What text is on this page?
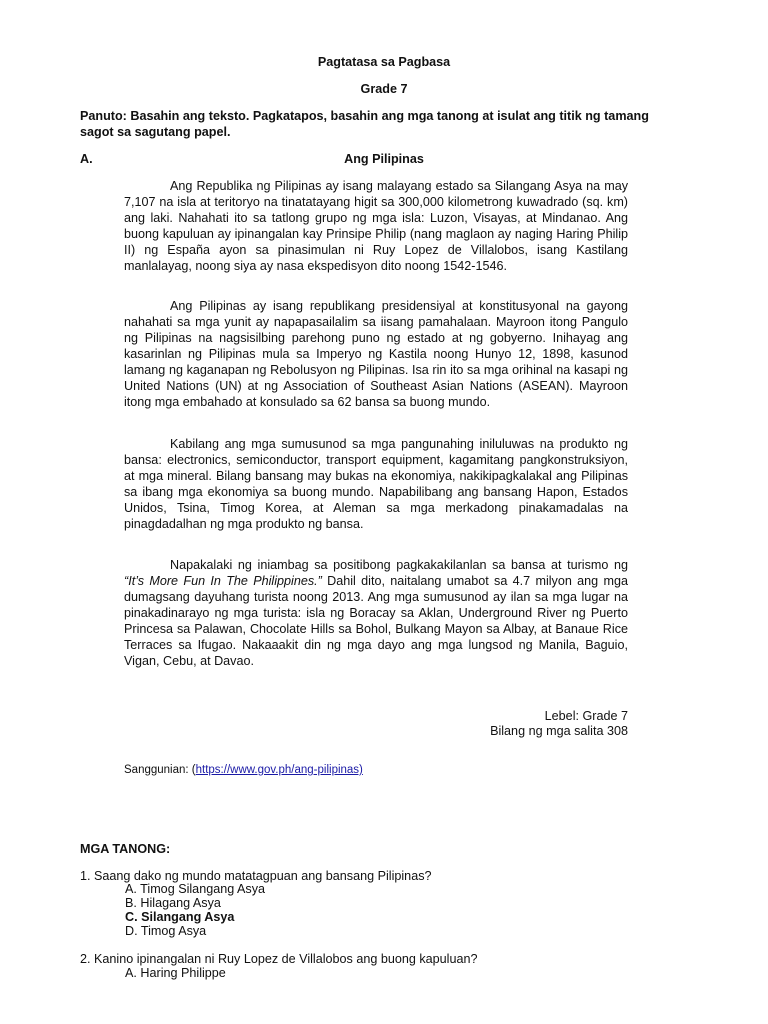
Pagtatasa sa Pagbasa
Grade 7
Panuto: Basahin ang teksto. Pagkatapos, basahin ang mga tanong at isulat ang titik ng tamang sagot sa sagutang papel.
A.	Ang Pilipinas
Ang Republika ng Pilipinas ay isang malayang estado sa Silangang Asya na may 7,107 na isla at teritoryo na tinatatayang higit sa 300,000 kilometrong kuwadrado (sq. km) ang laki. Nahahati ito sa tatlong grupo ng mga isla: Luzon, Visayas, at Mindanao. Ang buong kapuluan ay ipinangalan kay Prinsipe Philip (nang maglaon ay naging Haring Philip II) ng España ayon sa pinasimulan ni Ruy Lopez de Villalobos, isang Kastilang manlalayag, noong siya ay nasa ekspedisyon dito noong 1542-1546.
Ang Pilipinas ay isang republikang presidensiyal at konstitusyonal na gayong nahahati sa mga yunit ay napapasailalim sa iisang pamahalaan. Mayroon itong Pangulo ng Pilipinas na nagsisilbing parehong puno ng estado at ng gobyerno. Inihayag ang kasarinlan ng Pilipinas mula sa Imperyo ng Kastila noong Hunyo 12, 1898, kasunod lamang ng kaganapan ng Rebolusyon ng Pilipinas. Isa rin ito sa mga orihinal na kasapi ng United Nations (UN) at ng Association of Southeast Asian Nations (ASEAN). Mayroon itong mga embahado at konsulado sa 62 bansa sa buong mundo.
Kabilang ang mga sumusunod sa mga pangunahing iniluluwas na produkto ng bansa: electronics, semiconductor, transport equipment, kagamitang pangkonstruksiyon, at mga mineral. Bilang bansang may bukas na ekonomiya, nakikipagkalakal ang Pilipinas sa ibang mga ekonomiya sa buong mundo. Napabilibang ang bansang Hapon, Estados Unidos, Tsina, Timog Korea, at Aleman sa mga merkadong pinakamadalas na pinagdadalhan ng mga produkto ng bansa.
Napakalaki ng iniambag sa positibong pagkakakilanlan sa bansa at turismo ng “It’s More Fun In The Philippines.” Dahil dito, naitalang umabot sa 4.7 milyon ang mga dumagsang dayuhang turista noong 2013. Ang mga sumusunod ay ilan sa mga lugar na pinakadinarayo ng mga turista: isla ng Boracay sa Aklan, Underground River ng Puerto Princesa sa Palawan, Chocolate Hills sa Bohol, Bulkang Mayon sa Albay, at Banaue Rice Terraces sa Ifugao. Nakaaakit din ng mga dayo ang mga lungsod ng Manila, Baguio, Vigan, Cebu, at Davao.
Lebel: Grade 7
Bilang ng mga salita 308
Sanggunian: (https://www.gov.ph/ang-pilipinas)
MGA TANONG:
1. Saang dako ng mundo matatagpuan ang bansang Pilipinas?
A. Timog Silangang Asya
B. Hilagang Asya
C. Silangang Asya
D. Timog Asya
2. Kanino ipinangalan ni Ruy Lopez de Villalobos ang buong kapuluan?
A. Haring Philippe
